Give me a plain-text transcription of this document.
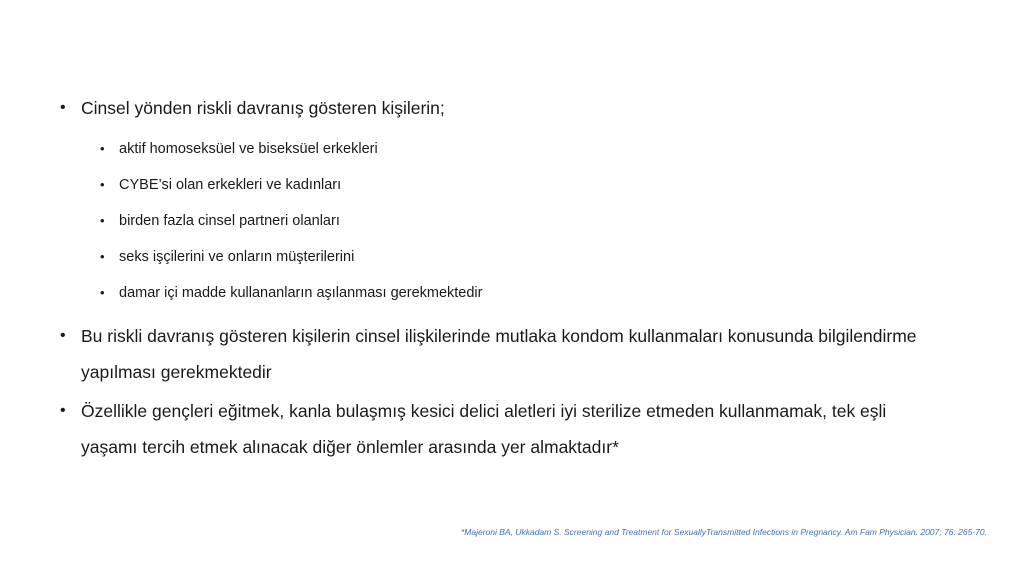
• Cinsel yönden riskli davranış gösteren kişilerin;
• aktif homoseksüel ve biseksüel erkekleri
• CYBE’si olan erkekleri ve kadınları
• birden fazla cinsel partneri olanları
• seks işçilerini ve onların müşterilerini
• damar içi madde kullananların aşılanması gerekmektedir
• Bu riskli davranış gösteren kişilerin cinsel ilişkilerinde mutlaka kondom kullanmaları konusunda bilgilendirme yapılması gerekmektedir
• Özellikle gençleri eğitmek, kanla bulaşmış kesici delici aletleri iyi sterilize etmeden kullanmamak, tek eşli yaşamı tercih etmek alınacak diğer önlemler arasında yer almaktadır*
*Majeroni BA, Ukkadam S. Screening and Treatment for SexuallyTransmitted Infections in Pregnancy. Am Fam Physician. 2007; 76: 265-70.
